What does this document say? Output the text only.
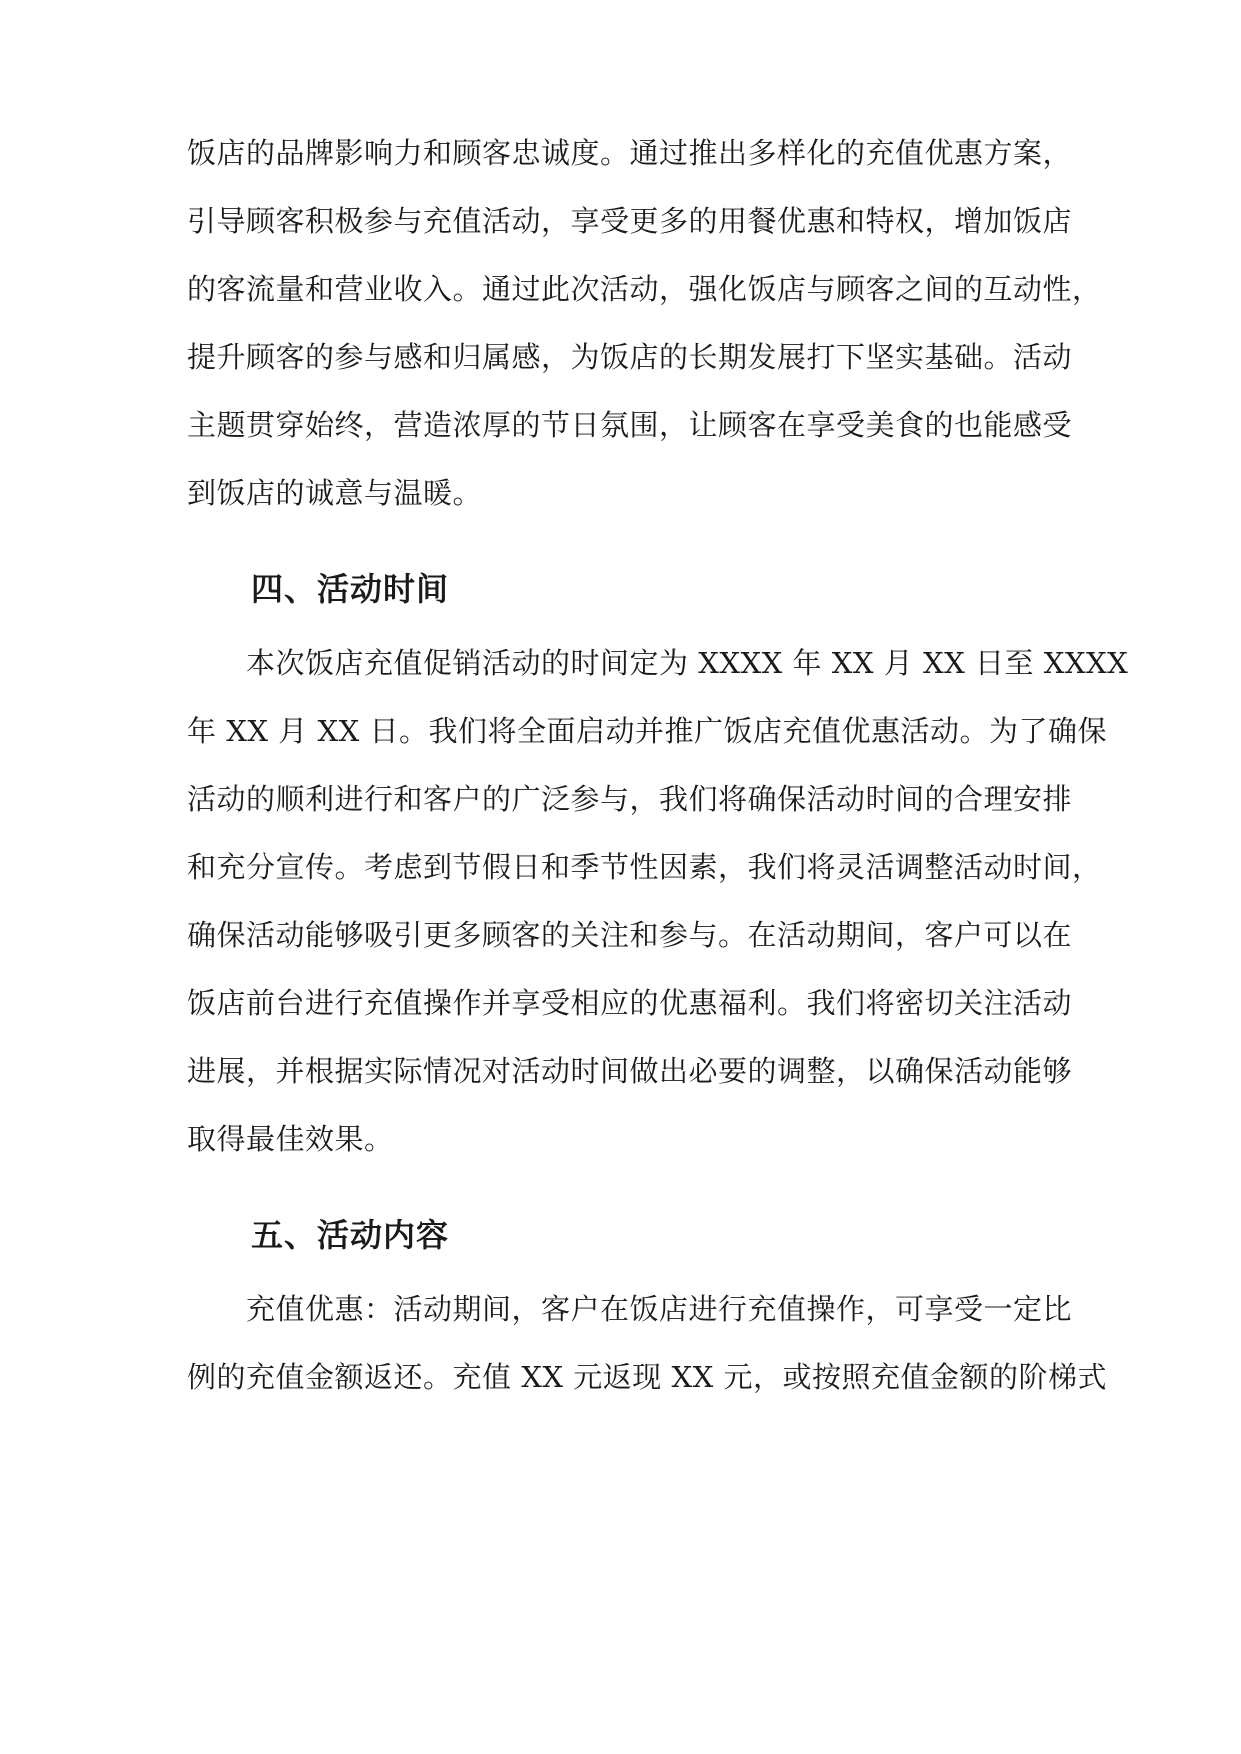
饭店的品牌影响力和顾客忠诚度。通过推出多样化的充值优惠方案，
引导顾客积极参与充值活动，享受更多的用餐优惠和特权，增加饭店
的客流量和营业收入。通过此次活动，强化饭店与顾客之间的互动性，
提升顾客的参与感和归属感，为饭店的长期发展打下坚实基础。活动
主题贯穿始终，营造浓厚的节日氛围，让顾客在享受美食的也能感受
到饭店的诚意与温暖。
四、活动时间
本次饭店充值促销活动的时间定为 XXXX 年 XX 月 XX 日至 XXXX
年 XX 月 XX 日。我们将全面启动并推广饭店充值优惠活动。为了确保
活动的顺利进行和客户的广泛参与，我们将确保活动时间的合理安排
和充分宣传。考虑到节假日和季节性因素，我们将灵活调整活动时间，
确保活动能够吸引更多顾客的关注和参与。在活动期间，客户可以在
饭店前台进行充值操作并享受相应的优惠福利。我们将密切关注活动
进展，并根据实际情况对活动时间做出必要的调整，以确保活动能够
取得最佳效果。
五、活动内容
充值优惠：活动期间，客户在饭店进行充值操作，可享受一定比
例的充值金额返还。充值 XX 元返现 XX 元，或按照充值金额的阶梯式
